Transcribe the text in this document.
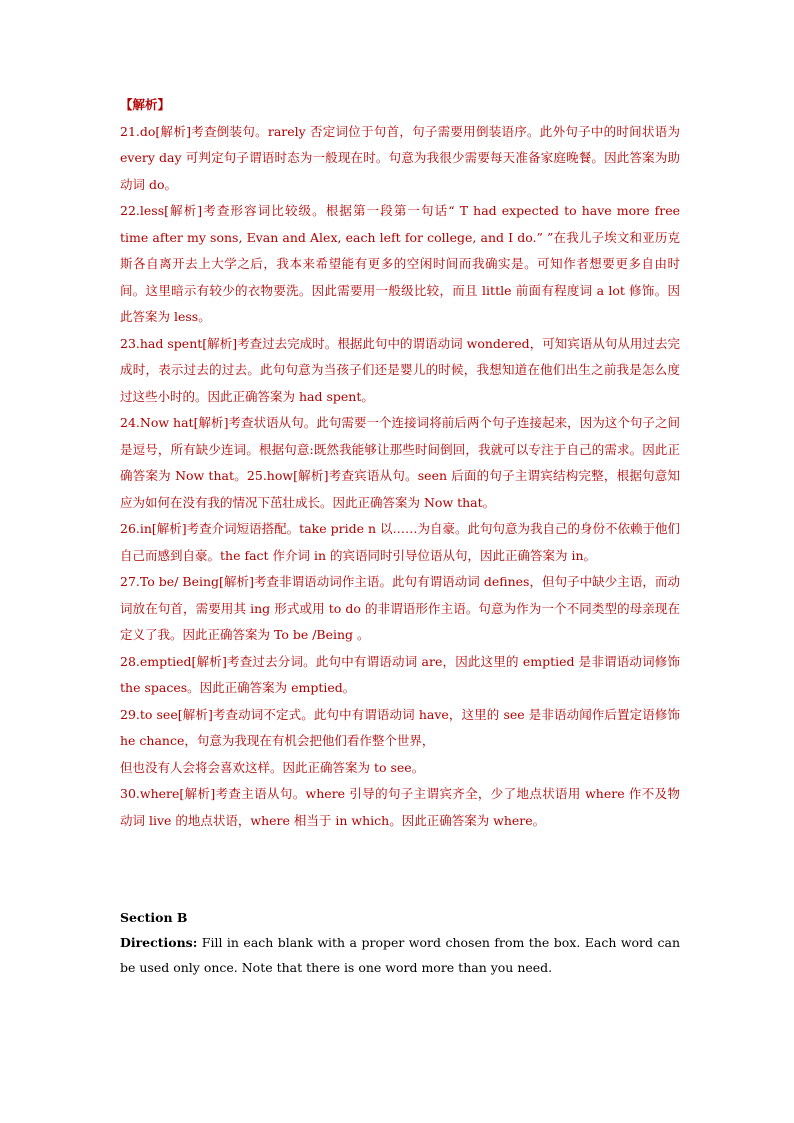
【解析】

21.do[解析]考查倒装句。rarely 否定词位于句首，句子需要用倒装语序。此外句子中的时间状语为 every day 可判定句子谓语时态为一般现在时。句意为我很少需要每天准备家庭晚餐。因此答案为助动词 do。

22.less[解析]考查形容词比较级。根据第一段第一句话“ T had expected to have more free time after my sons, Evan and Alex, each left for college, and I do.” ”在我儿子埃文和亚历克斯各自离开去上大学之后，我本来希望能有更多的空闲时间而我确实是。可知作者想要更多自由时间。这里暗示有较少的衣物要洗。因此需要用一般级比较，而且 little 前面有程度词 a lot 修饰。因此答案为 less。

23.had spent[解析]考查过去完成时。根据此句中的谓语动词 wondered，可知宾语从句从用过去完成时，表示过去的过去。此句句意为当孩子们还是婴儿的时候，我想知道在他们出生之前我是怎么度过这些小时的。因此正确答案为 had spent。

24.Now hat[解析]考查状语从句。此句需要一个连接词将前后两个句子连接起来，因为这个句子之间是逗号，所有缺少连词。根据句意:既然我能够让那些时间倒回，我就可以专注于自己的需求。因此正确答案为 Now that。25.how[解析]考查宾语从句。seen 后面的句子主谓宾结构完整，根据句意知应为如何在没有我的情况下茁壮成长。因此正确答案为 Now that。

26.in[解析]考查介词短语搭配。take pride n 以……为自豪。此句句意为我自己的身份不依赖于他们自己而感到自豪。the fact 作介词 in 的宾语同时引导位语从句，因此正确答案为 in。

27.To be/ Being[解析]考查非谓语动词作主语。此句有谓语动词 defines，但句子中缺少主语，而动词放在句首，需要用其 ing 形式或用 to do 的非谓语形作主语。句意为作为一个不同类型的母亲现在定义了我。因此正确答案为 To be /Being 。

28.emptied[解析]考查过去分词。此句中有谓语动词 are，因此这里的 emptied 是非谓语动词修饰 the spaces。因此正确答案为 emptied。

29.to see[解析]考查动词不定式。此句中有谓语动词 have，这里的 see 是非语动闻作后置定语修饰 he chance，句意为我现在有机会把他们看作整个世界，

但也没有人会将会喜欢这样。因此正确答案为 to see。

30.where[解析]考查主语从句。where 引导的句子主谓宾齐全，少了地点状语用 where 作不及物动词 live 的地点状语，where 相当于 in which。因此正确答案为 where。

Section B
Directions: Fill in each blank with a proper word chosen from the box. Each word can be used only once. Note that there is one word more than you need.
